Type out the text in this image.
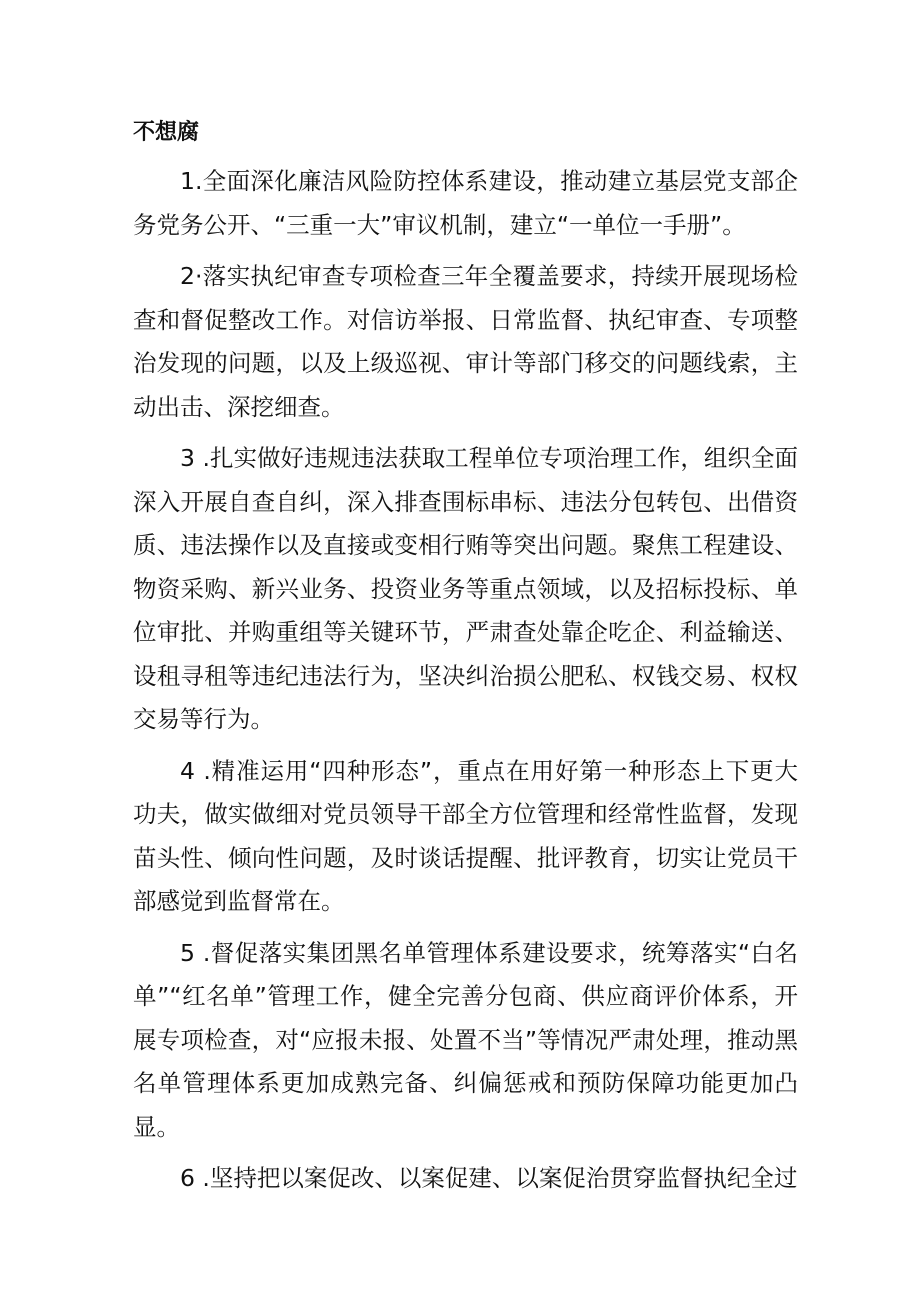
不想腐

1.全面深化廉洁风险防控体系建设，推动建立基层党支部企务党务公开、“三重一大”审议机制，建立“一单位一手册”。

2·落实执纪审查专项检查三年全覆盖要求，持续开展现场检查和督促整改工作。对信访举报、日常监督、执纪审查、专项整治发现的问题，以及上级巡视、审计等部门移交的问题线索，主动出击、深挖细查。

3 .扎实做好违规违法获取工程单位专项治理工作，组织全面深入开展自查自纠，深入排查围标串标、违法分包转包、出借资质、违法操作以及直接或变相行贿等突出问题。聚焦工程建设、物资采购、新兴业务、投资业务等重点领域，以及招标投标、单位审批、并购重组等关键环节，严肃查处靠企吃企、利益输送、设租寻租等违纪违法行为，坚决纠治损公肥私、权钱交易、权权交易等行为。

4 .精准运用“四种形态”，重点在用好第一种形态上下更大功夫，做实做细对党员领导干部全方位管理和经常性监督，发现苗头性、倾向性问题，及时谈话提醒、批评教育，切实让党员干部感觉到监督常在。

5 .督促落实集团黑名单管理体系建设要求，统筹落实“白名单”“红名单”管理工作，健全完善分包商、供应商评价体系，开展专项检查，对“应报未报、处置不当”等情况严肃处理，推动黑名单管理体系更加成熟完备、纠偏惩戒和预防保障功能更加凸显。

6 .坚持把以案促改、以案促建、以案促治贯穿监督执纪全过
